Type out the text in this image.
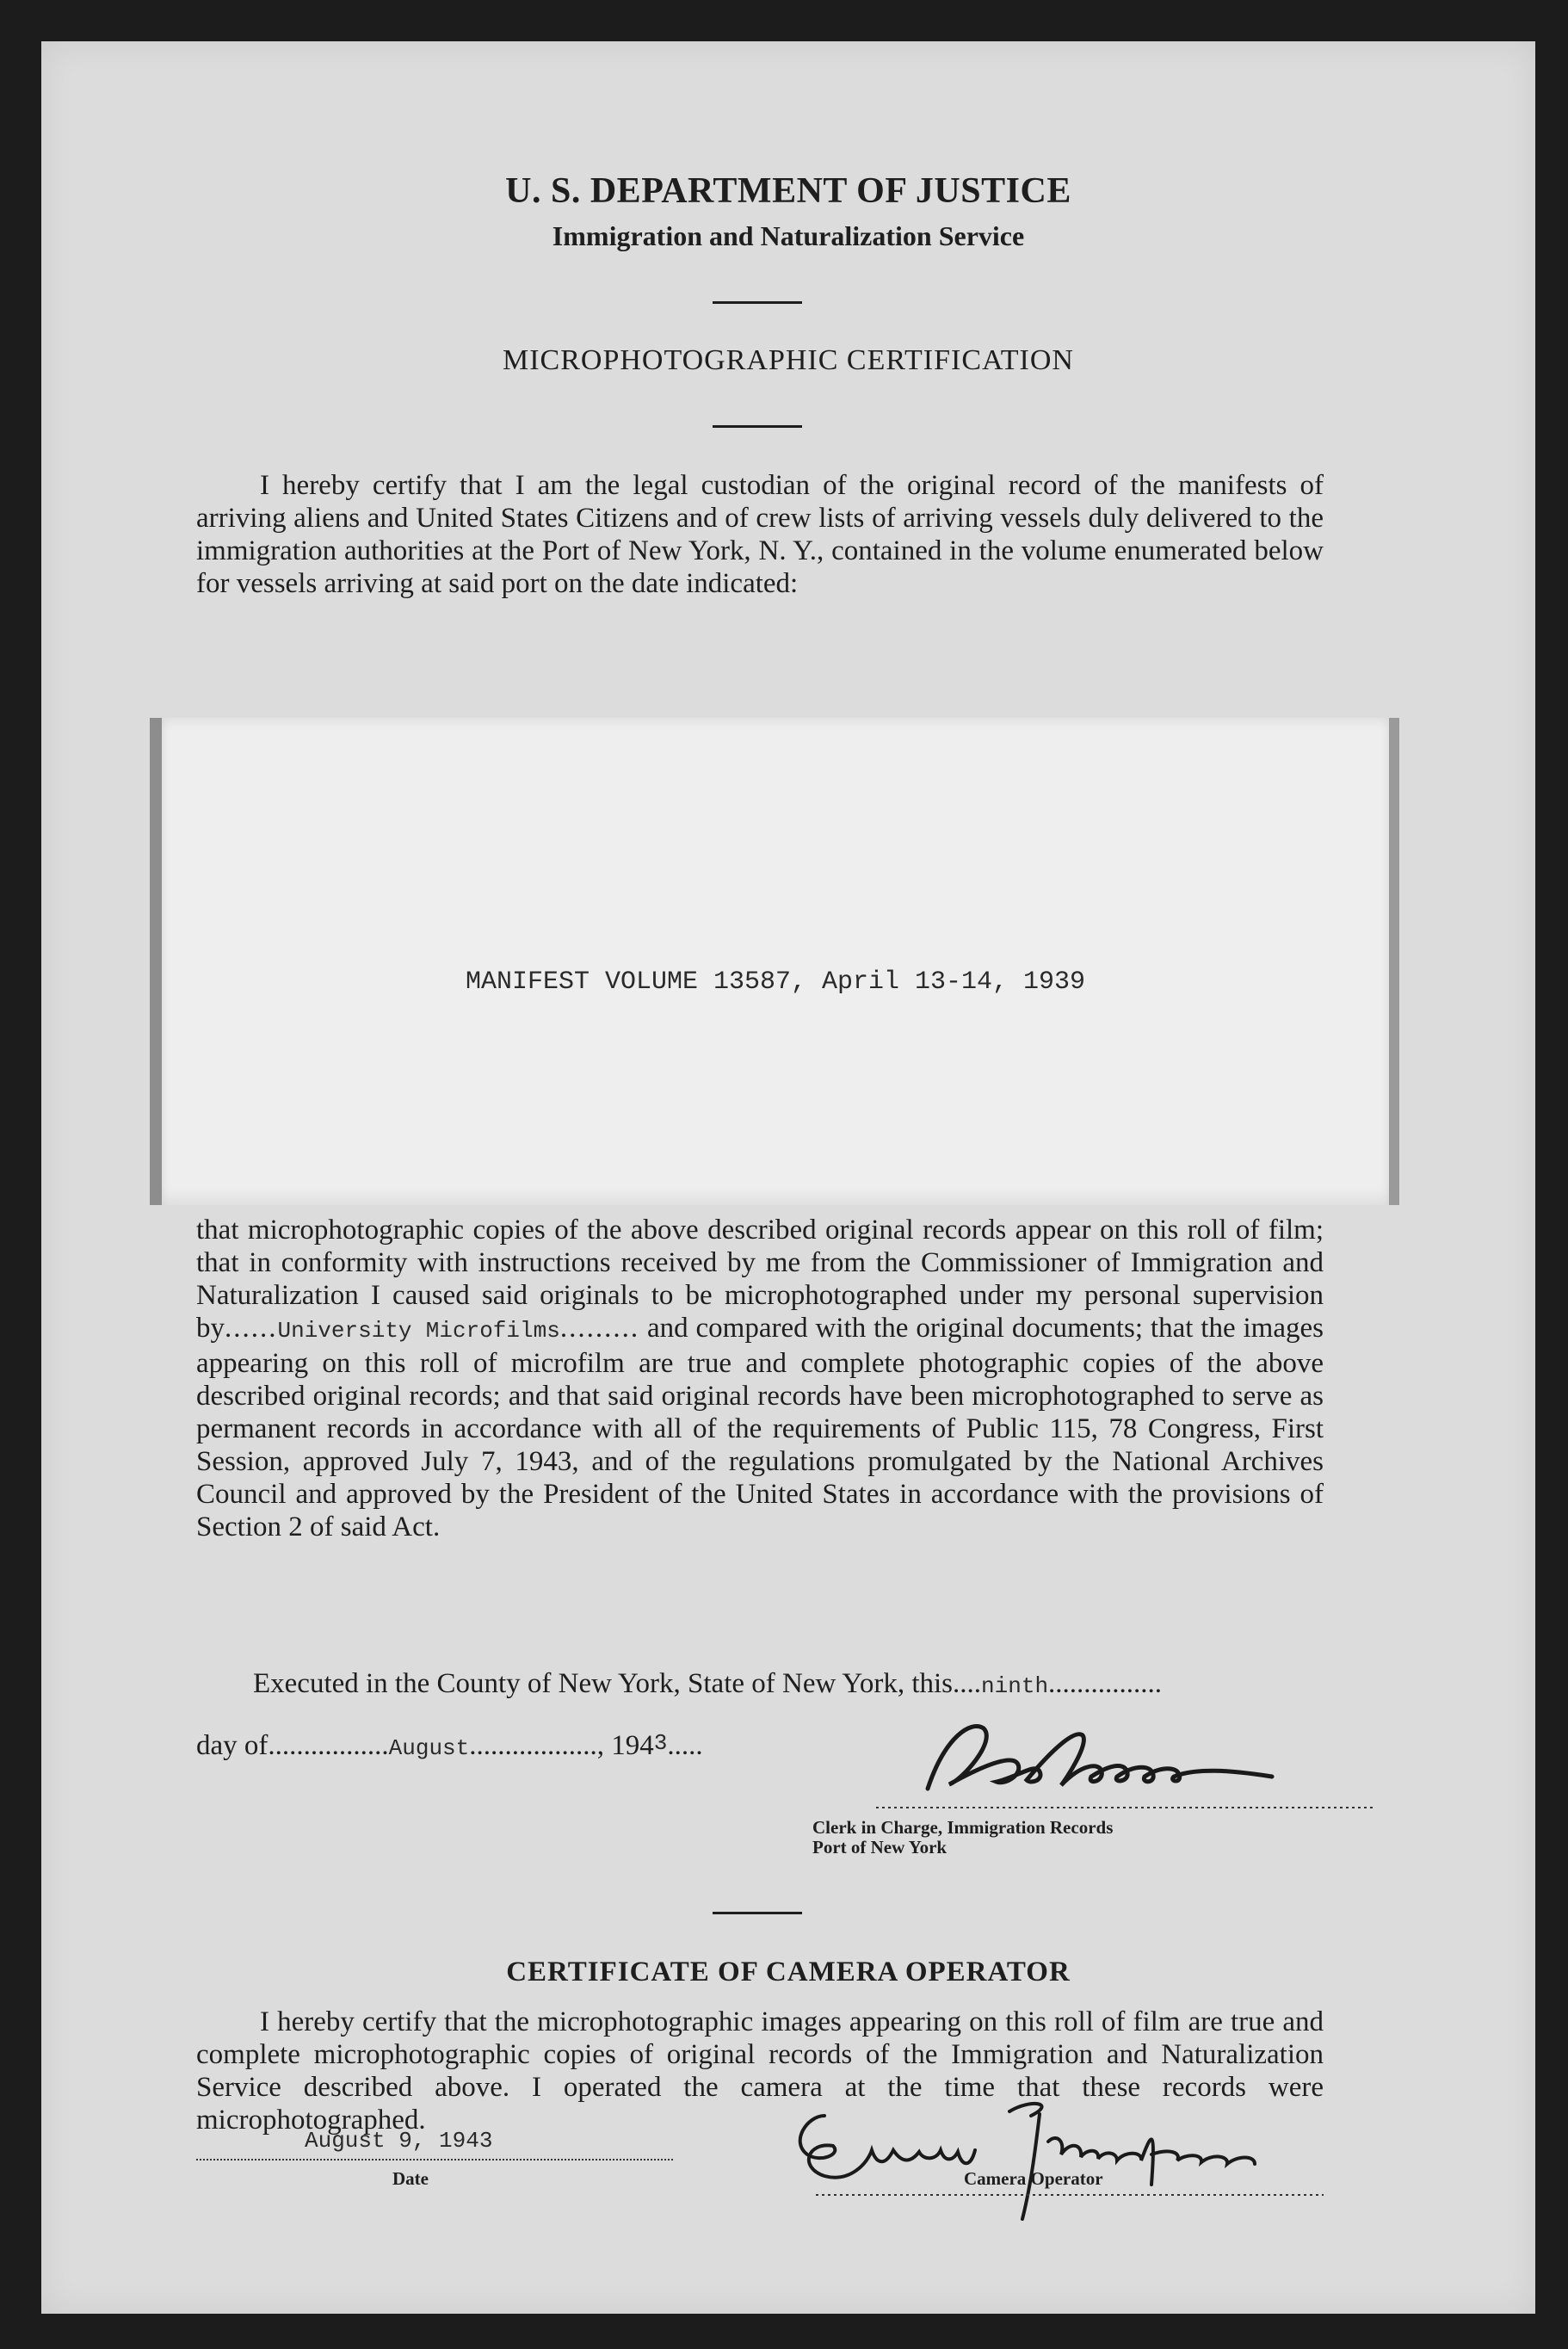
U. S. DEPARTMENT OF JUSTICE
Immigration and Naturalization Service
MICROPHOTOGRAPHIC CERTIFICATION

I hereby certify that I am the legal custodian of the original record of the manifests of arriving aliens and United States Citizens and of crew lists of arriving vessels duly delivered to the immigration authorities at the Port of New York, N. Y., contained in the volume enumerated below for vessels arriving at said port on the date indicated:

MANIFEST VOLUME 13587, April 13-14, 1939

that microphotographic copies of the above described original records appear on this roll of film; that in conformity with instructions received by me from the Commissioner of Immigration and Naturalization I caused said originals to be microphotographed under my personal supervision by......University Microfilms......... and compared with the original documents; that the images appearing on this roll of microfilm are true and complete photographic copies of the above described original records; and that said original records have been microphotographed to serve as permanent records in accordance with all of the requirements of Public 115, 78 Congress, First Session, approved July 7, 1943, and of the regulations promulgated by the National Archives Council and approved by the President of the United States in accordance with the provisions of Section 2 of said Act.

Executed in the County of New York, State of New York, this....ninth................
day of.................August.................., 1943.....
Clerk in Charge, Immigration Records
Port of New York
CERTIFICATE OF CAMERA OPERATOR

I hereby certify that the microphotographic images appearing on this roll of film are true and complete microphotographic copies of original records of the Immigration and Naturalization Service described above. I operated the camera at the time that these records were microphotographed.

August 9, 1943
Date	Camera Operator
